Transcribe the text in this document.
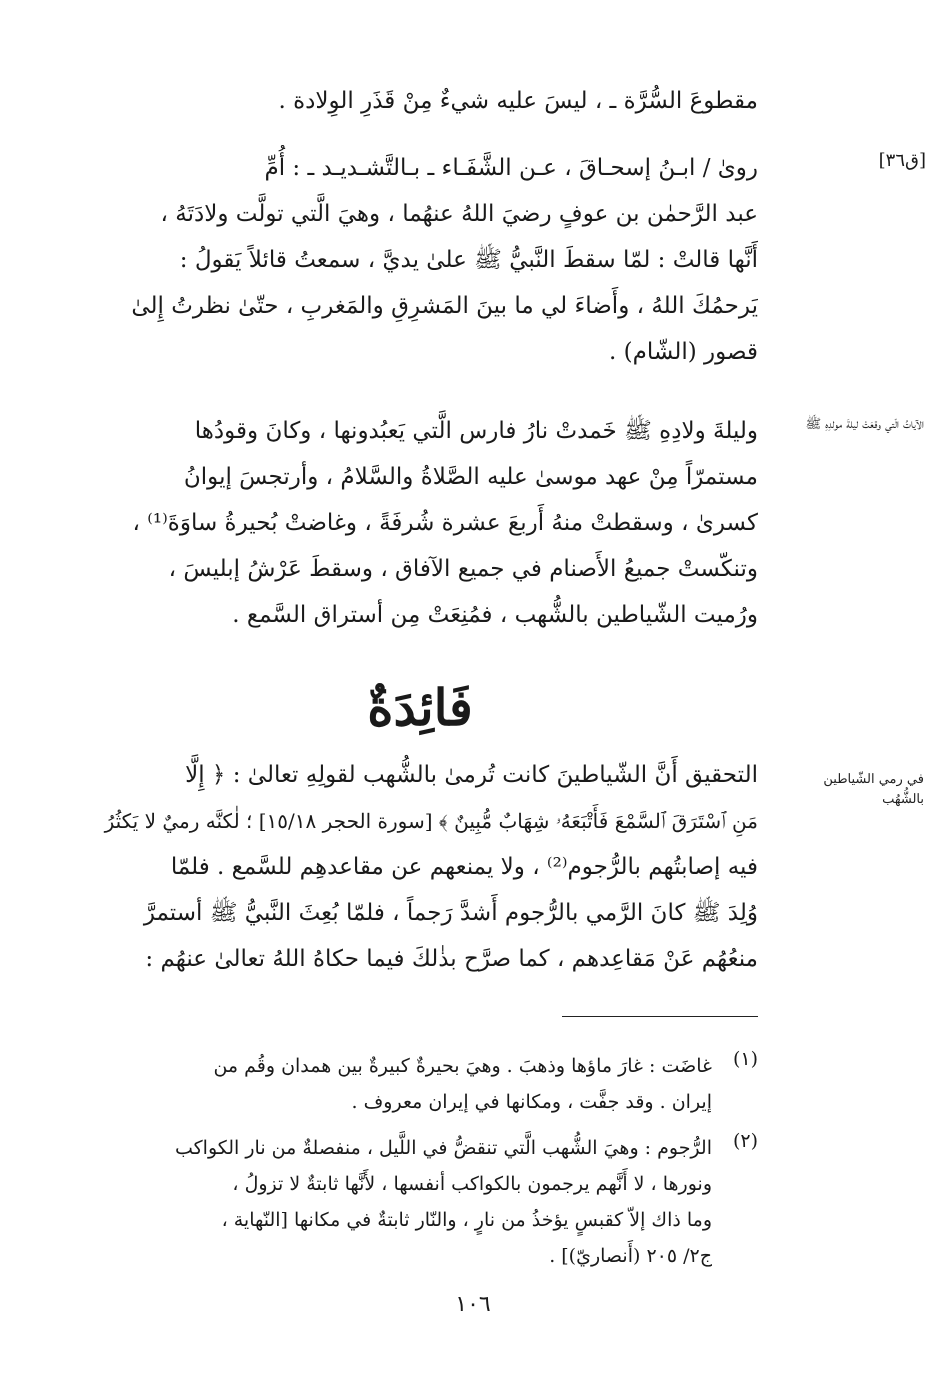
مقطوعَ السُّرَّة ـ ، ليسَ عليه شيءٌ مِنْ قَذَرِ الوِلادة .
[ق٣٦]
روىٰ / ابـنُ إسحـاقَ ، عـن الشَّفَـاء ـ بـالتَّشـديـد ـ : أُمِّ
عبد الرَّحمٰن بن عوفٍ رضيَ اللهُ عنهُما ، وهيَ الَّتي تولَّت ولادَتَهُ ،
أَنَّها قالتْ : لمّا سقطَ النَّبيُّ ﷺ علىٰ يديَّ ، سمعتُ قائلاً يَقولُ :
يَرحمُكَ اللهُ ، وأَضاءَ لي ما بينَ المَشرِقِ والمَغربِ ، حتّىٰ نظرتُ إِلىٰ
قصور (الشّام) .
الآياتُ الّتي وقعَتْ ليلةَ مولدِهِ ﷺ
وليلةَ ولادِهِ ﷺ خَمدتْ نارُ فارس الَّتي يَعبُدونها ، وكانَ وقودُها
مستمرّاً مِنْ عهد موسىٰ عليه الصَّلاةُ والسَّلامُ ، وأرتجسَ إيوانُ
كسرىٰ ، وسقطتْ منهُ أَربعَ عشرة شُرفَةً ، وغاضتْ بُحيرةُ ساوَةَ⁽¹⁾ ،
وتنكّستْ جميعُ الأَصنام في جميع الآفاق ، وسقطَ عَرْشُ إبليسَ ،
ورُميت الشّياطين بالشُّهب ، فمُنِعَتْ مِن أستراق السَّمع .
فَائِدَةٌ
في رمي الشّياطين بالشُّهُب
التحقيق أَنَّ الشّياطينَ كانت تُرمىٰ بالشُّهب لقولِهِ تعالىٰ : ﴿ إِلَّا
مَنِ ٱسْتَرَقَ ٱلسَّمْعَ فَأَتْبَعَهُۥ شِهَابٌ مُّبِينٌ ﴾ [سورة الحجر ١٥/١٨] ؛ لٰكنَّه رميٌ لا يَكثُرُ
فيه إصابتُهم بالرُّجوم⁽²⁾ ، ولا يمنعهم عن مقاعدهِم للسَّمع . فلمّا
وُلِدَ ﷺ كانَ الرَّمي بالرُّجوم أَشدَّ رَجماً ، فلمّا بُعِثَ النَّبيُّ ﷺ أستمرَّ
منعُهُم عَنْ مَقاعِدهم ، كما صرَّح بذٰلكَ فيما حكاهُ اللهُ تعالىٰ عنهُم :
(١)
غاضَت : غارَ ماؤها وذهبَ . وهيَ بحيرةٌ كبيرةٌ بين همدان وقُم من
إيران . وقد جفَّت ، ومكانها في إيران معروف .
(٢)
الرُّجوم : وهيَ الشُّهب الَّتي تنقضُّ في اللَّيل ، منفصلةٌ من نار الكواكب
ونورها ، لا أَنَّهم يرجمون بالكواكب أنفسها ، لأَنَّها ثابتةٌ لا تزولُ ،
وما ذاك إلاّ كقبسٍ يؤخذُ من نارٍ ، والنّار ثابتةٌ في مكانها [النّهاية ،
ج٢/ ٢٠٥ (أَنصاريّ)] .
١٠٦
